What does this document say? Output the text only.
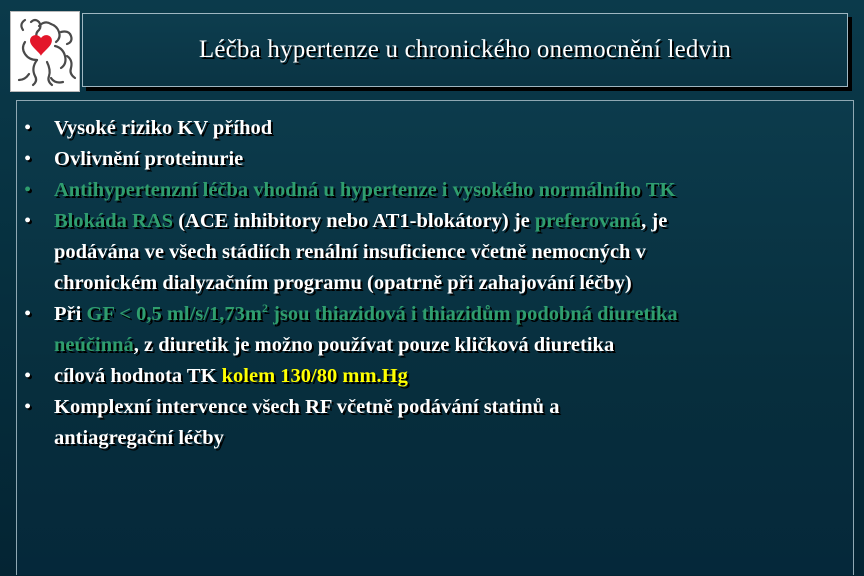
Léčba hypertenze u chronického onemocnění ledvin
• Vysoké riziko KV příhod
• Ovlivnění proteinurie
• Antihypertenzní léčba vhodná u hypertenze i vysokého normálního TK
• Blokáda RAS (ACE inhibitory nebo AT1-blokátory) je preferovaná, je
podávána ve všech stádiích renální insuficience včetně nemocných v
chronickém dialyzačním programu (opatrně při zahajování léčby)
• Při GF < 0,5 $ml/s/1,73m^2$ jsou thiazidová i thiazidům podobná diuretika
neúčinná, z diuretik je možno používat pouze kličková diuretika
• cílová hodnota TK kolem 130/80 mm.Hg
• Komplexní intervence všech RF včetně podávání statinů a
antiagregační léčby
